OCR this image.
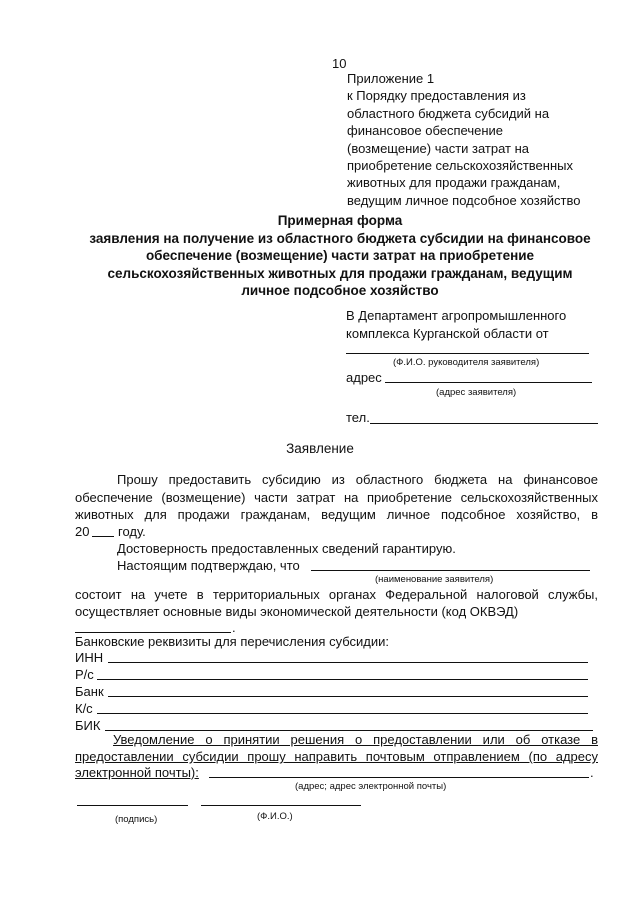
10
Приложение 1
к Порядку предоставления из
областного бюджета субсидий на
финансовое обеспечение
(возмещение) части затрат на
приобретение сельскохозяйственных
животных для продажи гражданам,
ведущим личное подсобное хозяйство
Примерная форма
заявления на получение из областного бюджета субсидии на финансовое
обеспечение (возмещение) части затрат на приобретение
сельскохозяйственных животных для продажи гражданам, ведущим
личное подсобное хозяйство
В Департамент агропромышленного
комплекса Курганской области от
(Ф.И.О. руководителя заявителя)
адрес
(адрес заявителя)
тел.
Заявление
Прошу предоставить субсидию из областного бюджета на финансовое
обеспечение (возмещение) части затрат на приобретение сельскохозяйственных
животных для продажи гражданам, ведущим личное подсобное хозяйство, в
20 году.
Достоверность предоставленных сведений гарантирую.
Настоящим подтверждаю, что
(наименование заявителя)
состоит на учете в территориальных органах Федеральной налоговой службы,
осуществляет основные виды экономической деятельности (код ОКВЭД)
.
Банковские реквизиты для перечисления субсидии:
ИНН
Р/с
Банк
К/с
БИК
Уведомление о принятии решения о предоставлении или об отказе в
предоставлении субсидии прошу направить почтовым отправлением (по адресу
электронной почты):	.
(адрес; адрес электронной почты)
(подпись)	(Ф.И.О.)
